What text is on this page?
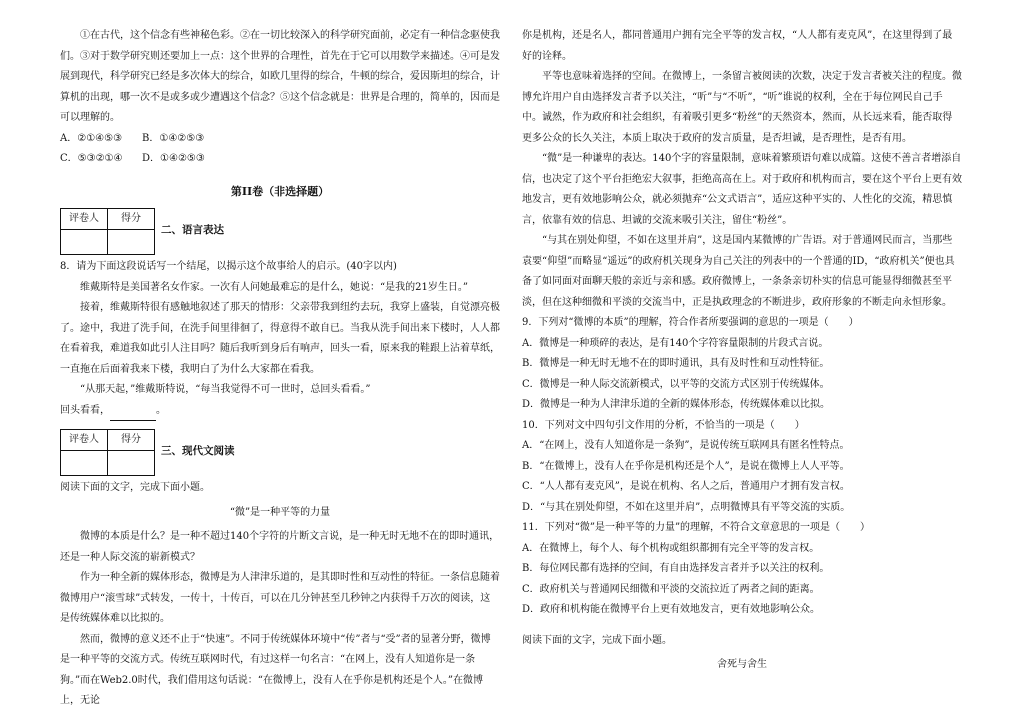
①在古代，这个信念有些神秘色彩。②在一切比较深入的科学研究面前，必定有一种信念驱使我们。③对于数学研究则还要加上一点：这个世界的合理性，首先在于它可以用数学来描述。④可是发展到现代，科学研究已经是多次体大的综合，如欧几里得的综合，牛顿的综合，爱因斯坦的综合，计算机的出现，哪一次不是或多或少遭遇这个信念？⑤这个信念就是：世界是合理的，简单的，因而是可以理解的。

A．②①④⑤③	B．①④②⑤③
C．⑤③②①④	D．①④②⑤③
第II卷（非选择题）
评卷人	得分

二、语言表达

8．请为下面这段说话写一个结尾，以揭示这个故事给人的启示。(40字以内)

维戴斯特是美国著名女作家。一次有人问她最难忘的是什么，她说：“是我的21岁生日。”

接着，维戴斯特很有感触地叙述了那天的情形：父亲带我到纽约去玩，我穿上盛装，自觉漂亮极了。途中，我进了洗手间，在洗手间里徘徊了，得意得不敢自已。当我从洗手间出来下楼时，人人都在看着我，难道我如此引人注目吗？随后我听到身后有响声，回头一看，原来我的鞋跟上沾着草纸，一直拖在后面着我来下楼，我明白了为什么大家都在看我。

“从那天起，”维戴斯特说，“每当我觉得不可一世时，总回头看看。”

回头看看，	。

评卷人	得分

三、现代文阅读

阅读下面的文字，完成下面小题。

“微”是一种平等的力量

微博的本质是什么？是一种不超过140个字符的片断文言说，是一种无时无地不在的即时通讯，还是一种人际交流的崭新模式？

作为一种全新的媒体形态，微博是为人津津乐道的，是其即时性和互动性的特征。一条信息随着微博用户“滚雪球”式转发，一传十，十传百，可以在几分钟甚至几秒钟之内获得千万次的阅读，这是传统媒体难以比拟的。

然而，微博的意义还不止于“快速”。不同于传统媒体环境中“传”者与“受”者的显著分野，微博是一种平等的交流方式。传统互联网时代，有过这样一句名言：“在网上，没有人知道你是一条狗。”而在Web2.0时代，我们借用这句话说：“在微博上，没有人在乎你是机构还是个人。”在微博上，无论

你是机构，还是名人，都同普通用户拥有完全平等的发言权，“人人都有麦克风”，在这里得到了最好的诠释。

平等也意味着选择的空间。在微博上，一条留言被阅读的次数，决定于发言者被关注的程度。微博允许用户自由选择发言者予以关注，“听”与“不听”，“听”谁说的权利，全在于每位网民自己手中。诚然，作为政府和社会组织，有着吸引更多“粉丝”的天然资本，然而，从长远来看，能否取得更多公众的长久关注，本质上取决于政府的发言质量，是否坦诚，是否理性，是否有用。

“微”是一种谦卑的表达。140个字的容量限制，意味着繁琐语句难以成篇。这使不善言者增添自信，也决定了这个平台拒绝宏大叙事，拒绝高高在上。对于政府和机构而言，要在这个平台上更有效地发言，更有效地影响公众，就必须抛弃“公文式语言”，适应这种平实的、人性化的交流，精思慎言，依靠有效的信息、坦诚的交流来吸引关注，留住“粉丝”。

“与其在别处仰望，不如在这里并肩”，这是国内某微博的广告语。对于普通网民而言，当那些袁要“仰望”而略显“遥远”的政府机关现身为自己关注的列表中的一个普通的ID，“政府机关”便也具备了如同面对面聊天般的亲近与亲和感。政府微博上，一条条亲切朴实的信息可能显得细微甚至平淡，但在这种细微和平淡的交流当中，正是执政理念的不断进步，政府形象的不断走向永恒形象。

9．下列对“微博的本质”的理解，符合作者所要强调的意思的一项是（　　）

A．微博是一种琐碎的表达，是有140个字符容量限制的片段式言说。

B．微博是一种无时无地不在的即时通讯，具有及时性和互动性特征。

C．微博是一种人际交流新模式，以平等的交流方式区别于传统媒体。

D．微博是一种为人津津乐道的全新的媒体形态，传统媒体难以比拟。

10．下列对文中四句引文作用的分析，不恰当的一项是（　　）

A．“在网上，没有人知道你是一条狗”，是说传统互联网具有匿名性特点。

B．“在微博上，没有人在乎你是机构还是个人”，是说在微博上人人平等。

C．“人人都有麦克风”，是说在机构、名人之后，普通用户才拥有发言权。

D．“与其在别处仰望，不如在这里并肩”，点明微博具有平等交流的实质。

11．下列对“微”是一种平等的力量”的理解，不符合文章意思的一项是（　　）

A．在微博上，每个人、每个机构或组织都拥有完全平等的发言权。

B．每位网民都有选择的空间，有自由选择发言者并予以关注的权利。

C．政府机关与普通网民细微和平淡的交流拉近了两者之间的距离。

D．政府和机构能在微博平台上更有效地发言，更有效地影响公众。

阅读下面的文字，完成下面小题。

舍死与舍生
